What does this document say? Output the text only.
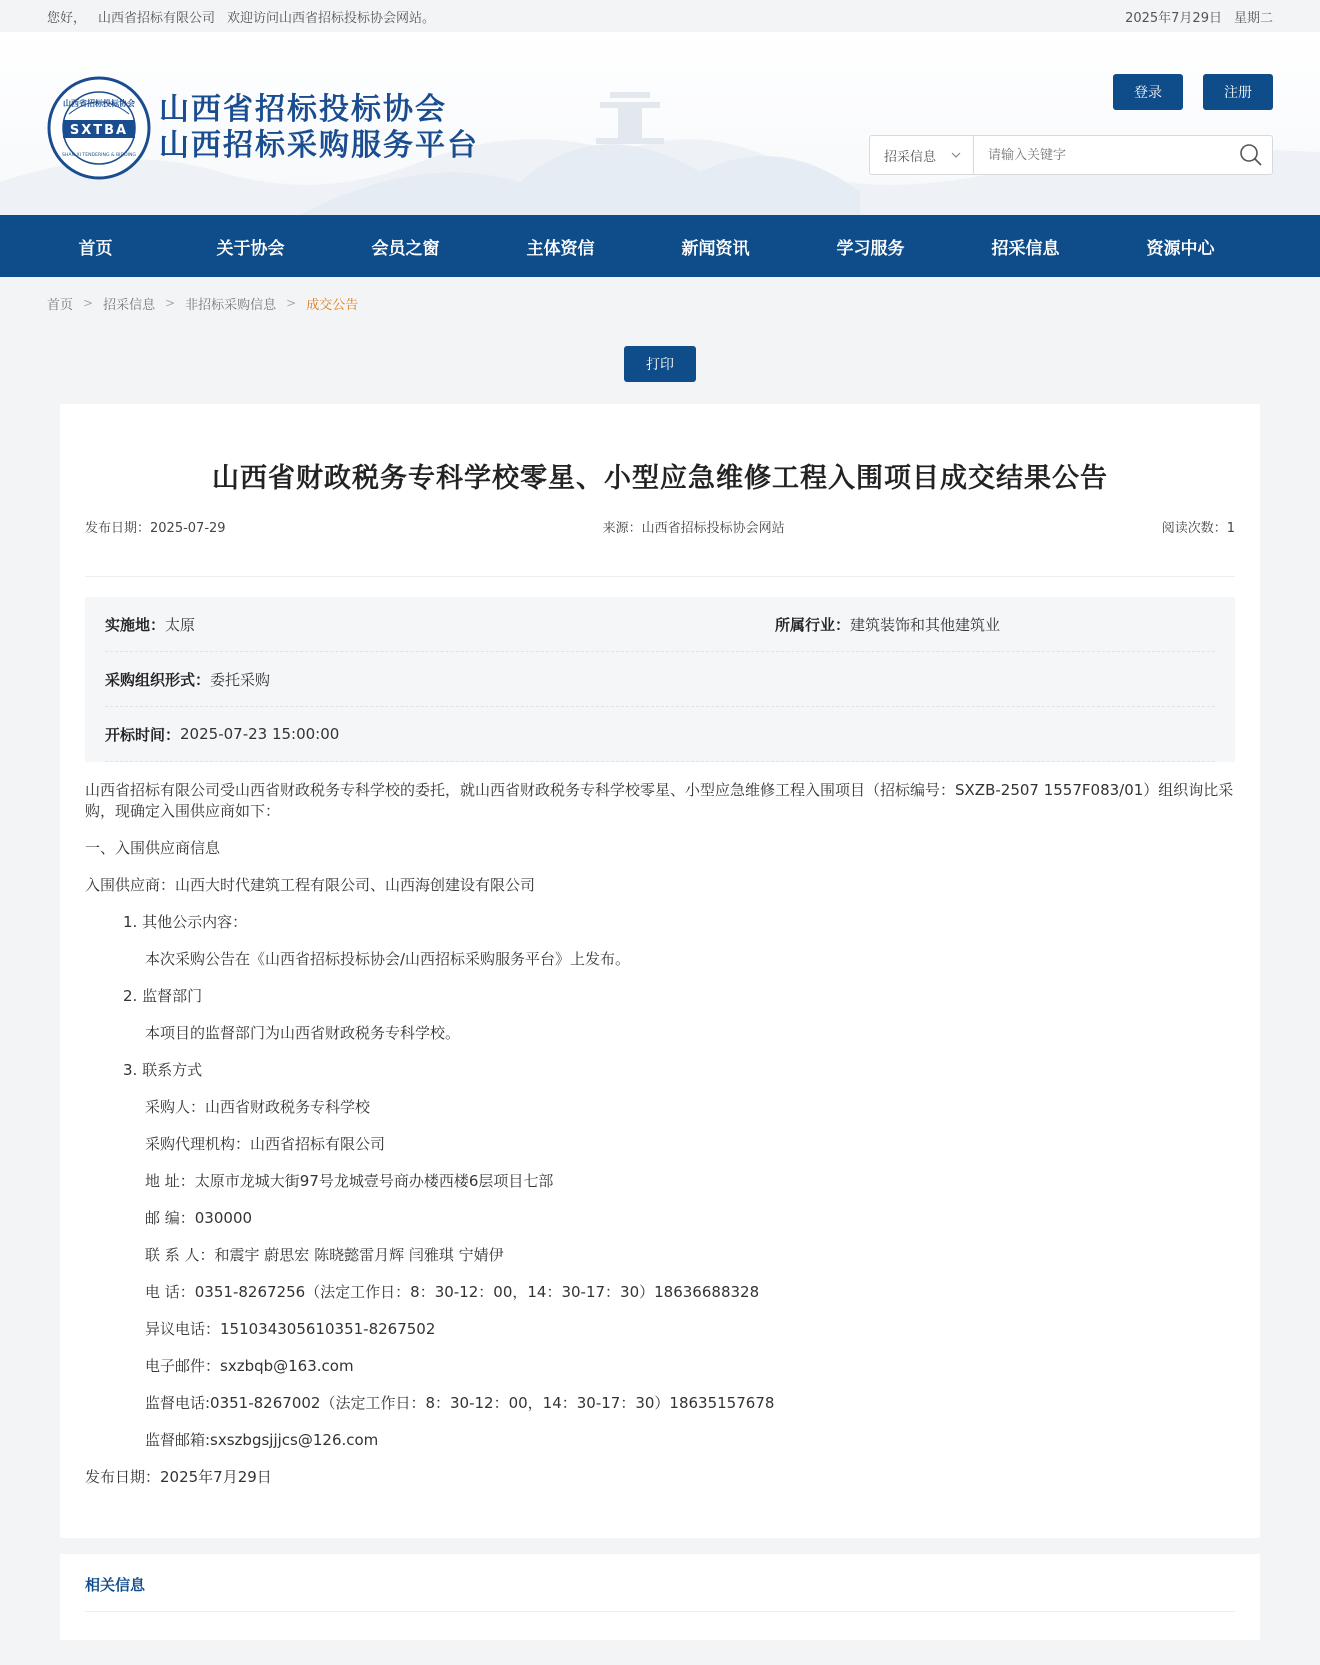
您好， 山西省招标有限公司 欢迎访问山西省招标投标协会网站。	2025年7月29日 星期二
SXTBA
山西省招标投标协会
SHAN XI TENDERING & BIDDING
山西省招标投标协会
山西招标采购服务平台
登录	注册
招采信息
请输入关键字
首页	关于协会	会员之窗	主体资信	新闻资讯	学习服务	招采信息	资源中心
首页 > 招采信息 > 非招标采购信息 > 成交公告
打印
山西省财政税务专科学校零星、小型应急维修工程入围项目成交结果公告
发布日期：2025-07-29	来源：山西省招标投标协会网站	阅读次数：1
实施地：太原	所属行业：建筑装饰和其他建筑业
采购组织形式： 委托采购
开标时间： 2025-07-23 15:00:00

山西省招标有限公司受山西省财政税务专科学校的委托，就山西省财政税务专科学校零星、小型应急维修工程入围项目（招标编号：SXZB-2507 1557F083/01）组织询比采购，现确定入围供应商如下：

一、入围供应商信息

入围供应商：山西大时代建筑工程有限公司、山西海创建设有限公司

1. 其他公示内容：

本次采购公告在《山西省招标投标协会/山西招标采购服务平台》上发布。

2. 监督部门

本项目的监督部门为山西省财政税务专科学校。

3. 联系方式

采购人：山西省财政税务专科学校

采购代理机构：山西省招标有限公司

地 址：太原市龙城大街97号龙城壹号商办楼西楼6层项目七部

邮 编：030000

联 系 人：和震宇 蔚思宏 陈晓懿雷月辉 闫雅琪 宁婧伊

电 话：0351-8267256（法定工作日：8：30-12：00，14：30-17：30）18636688328

异议电话：151034305610351-8267502

电子邮件：sxzbqb@163.com

监督电话:0351-8267002（法定工作日：8：30-12：00，14：30-17：30）18635157678

监督邮箱:sxszbgsjjjcs@126.com

发布日期：2025年7月29日

相关信息
